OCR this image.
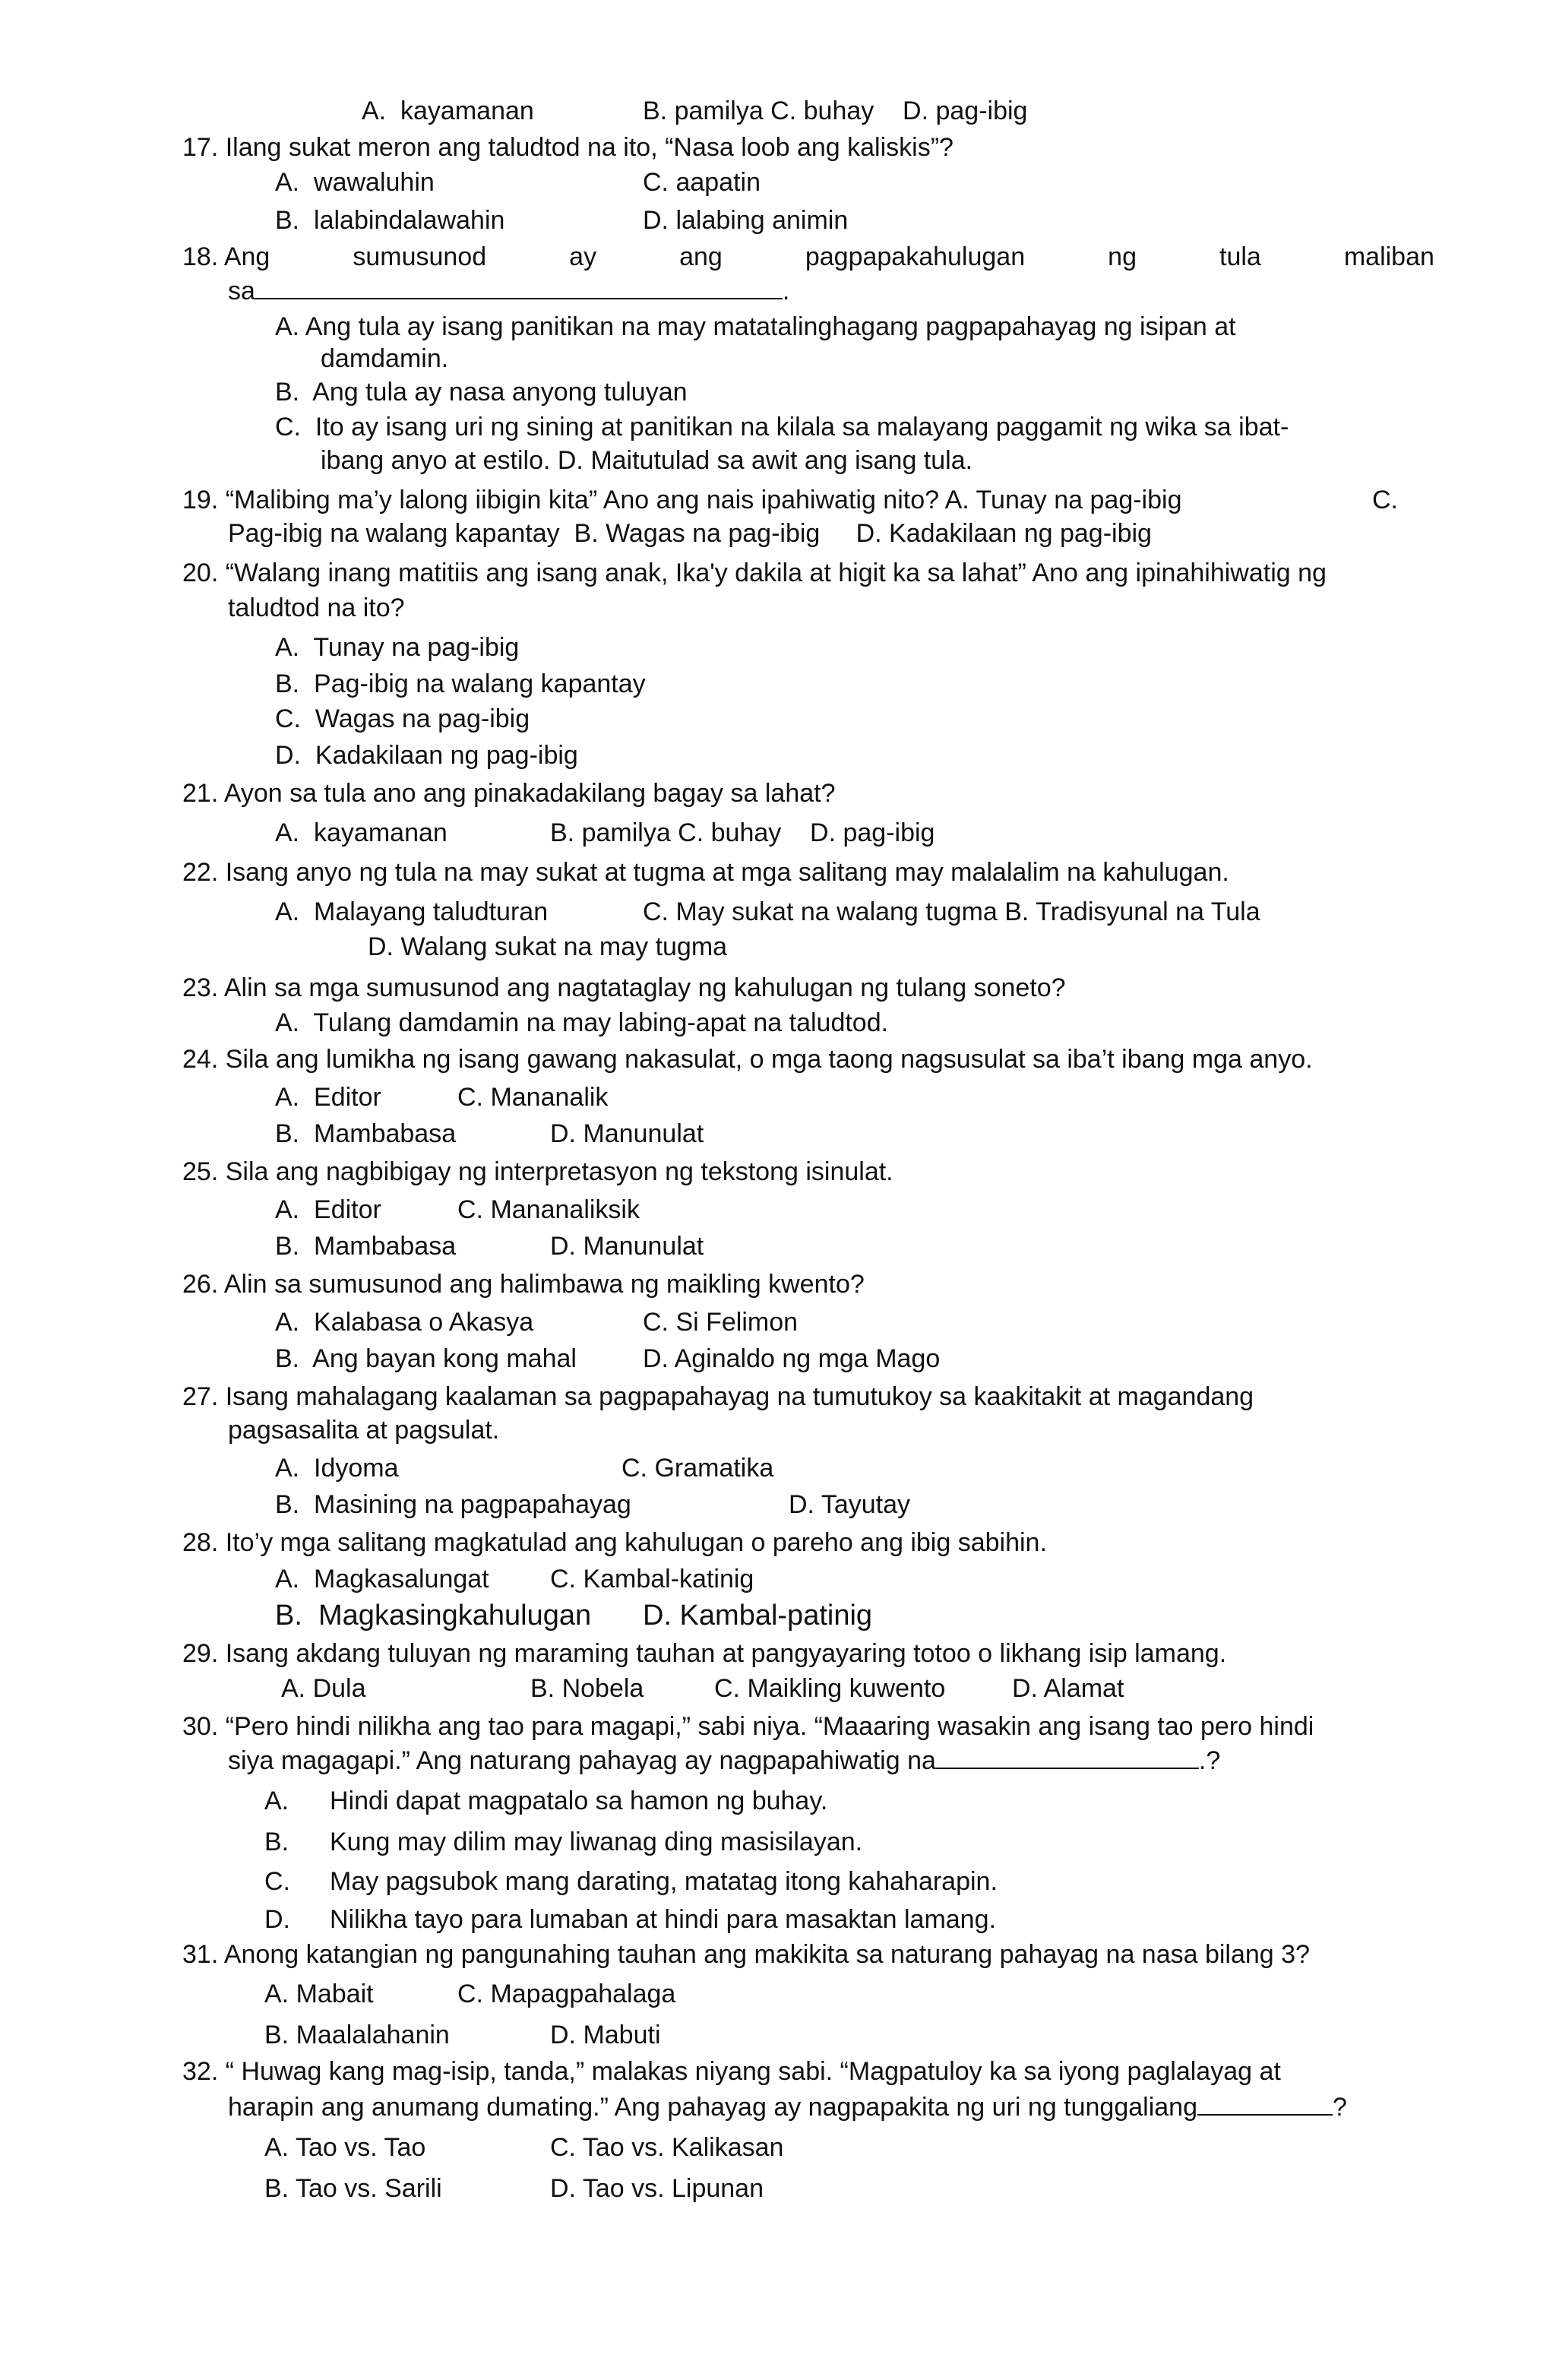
A.  kayamanan	B. pamilya C. buhay    D. pag-ibig
17. Ilang sukat meron ang taludtod na ito, “Nasa loob ang kaliskis”?
A.  wawaluhin	C. aapatin
B.  lalabindalawahin	D. lalabing animin
18. Ang	sumusunod	ay	ang	pagpapakahulugan	ng	tula	maliban
sa	.
A. Ang tula ay isang panitikan na may matatalinghagang pagpapahayag ng isipan at
damdamin.
B.  Ang tula ay nasa anyong tuluyan
C.  Ito ay isang uri ng sining at panitikan na kilala sa malayang paggamit ng wika sa ibat-
ibang anyo at estilo. D. Maitutulad sa awit ang isang tula.
19. “Malibing ma’y lalong iibigin kita” Ano ang nais ipahiwatig nito? A. Tunay na pag-ibig	C.
Pag-ibig na walang kapantay  B. Wagas na pag-ibig     D. Kadakilaan ng pag-ibig
20. “Walang inang matitiis ang isang anak, Ika'y dakila at higit ka sa lahat” Ano ang ipinahihiwatig ng
taludtod na ito?
A.  Tunay na pag-ibig
B.  Pag-ibig na walang kapantay
C.  Wagas na pag-ibig
D.  Kadakilaan ng pag-ibig
21. Ayon sa tula ano ang pinakadakilang bagay sa lahat?
A.  kayamanan	B. pamilya C. buhay    D. pag-ibig
22. Isang anyo ng tula na may sukat at tugma at mga salitang may malalalim na kahulugan.
A.  Malayang taludturan	C. May sukat na walang tugma B. Tradisyunal na Tula
D. Walang sukat na may tugma
23. Alin sa mga sumusunod ang nagtataglay ng kahulugan ng tulang soneto?
A.  Tulang damdamin na may labing-apat na taludtod.
24. Sila ang lumikha ng isang gawang nakasulat, o mga taong nagsusulat sa iba’t ibang mga anyo.
A.  Editor	C. Mananalik
B.  Mambabasa	D. Manunulat
25. Sila ang nagbibigay ng interpretasyon ng tekstong isinulat.
A.  Editor	C. Mananaliksik
B.  Mambabasa	D. Manunulat
26. Alin sa sumusunod ang halimbawa ng maikling kwento?
A.  Kalabasa o Akasya	C. Si Felimon
B.  Ang bayan kong mahal	D. Aginaldo ng mga Mago
27. Isang mahalagang kaalaman sa pagpapahayag na tumutukoy sa kaakitakit at magandang
pagsasalita at pagsulat.
A.  Idyoma	C. Gramatika
B.  Masining na pagpapahayag	D. Tayutay
28. Ito’y mga salitang magkatulad ang kahulugan o pareho ang ibig sabihin.
A.  Magkasalungat C. Kambal-katinig
B.  Magkasingkahulugan D. Kambal-patinig
29. Isang akdang tuluyan ng maraming tauhan at pangyayaring totoo o likhang isip lamang.
A. Dula	B. Nobela	C. Maikling kuwento	D. Alamat
30. “Pero hindi nilikha ang tao para magapi,” sabi niya. “Maaaring wasakin ang isang tao pero hindi
siya magagapi.” Ang naturang pahayag ay nagpapahiwatig na	.?
A. Hindi dapat magpatalo sa hamon ng buhay.
B. Kung may dilim may liwanag ding masisilayan.
C. May pagsubok mang darating, matatag itong kahaharapin.
D. Nilikha tayo para lumaban at hindi para masaktan lamang.
31. Anong katangian ng pangunahing tauhan ang makikita sa naturang pahayag na nasa bilang 3?
A. Mabait	C. Mapagpahalaga
B. Maalalahanin	D. Mabuti
32. “ Huwag kang mag-isip, tanda,” malakas niyang sabi. “Magpatuloy ka sa iyong paglalayag at
harapin ang anumang dumating.” Ang pahayag ay nagpapakita ng uri ng tunggaliang	?
A. Tao vs. Tao	C. Tao vs. Kalikasan
B. Tao vs. Sarili	D. Tao vs. Lipunan
